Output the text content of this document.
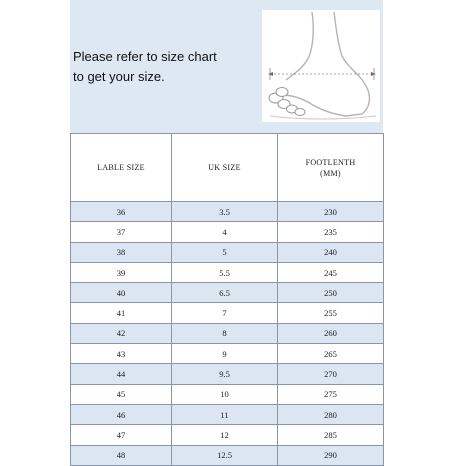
Please refer to size chart
to get your size.

LABLE SIZE	UK SIZE	FOOTLENTH
(MM)

36	3.5	230
37	4	235
38	5	240
39	5.5	245
40	6.5	250
41	7	255
42	8	260
43	9	265
44	9.5	270
45	10	275
46	11	280
47	12	285
48	12.5	290
